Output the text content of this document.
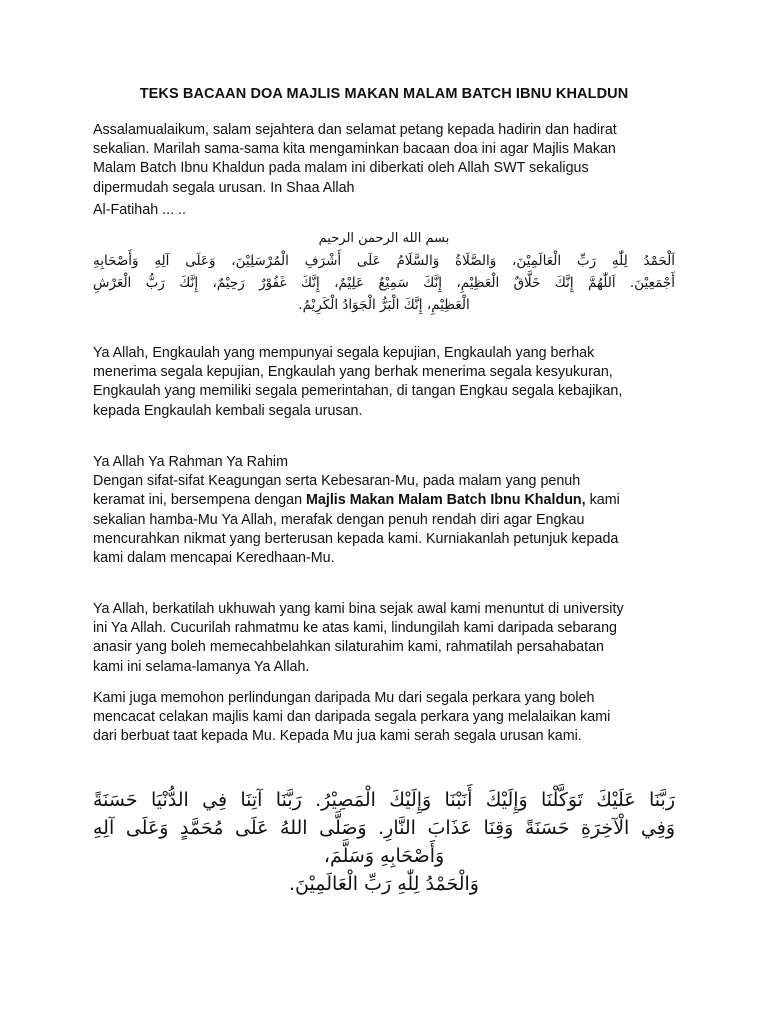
TEKS BACAAN DOA MAJLIS MAKAN MALAM BATCH IBNU KHALDUN
Assalamualaikum, salam sejahtera dan selamat petang kepada hadirin dan hadirat
sekalian. Marilah sama-sama kita mengaminkan bacaan doa ini agar Majlis Makan
Malam Batch Ibnu Khaldun pada malam ini diberkati oleh Allah SWT sekaligus
dipermudah segala urusan. In Shaa Allah
Al-Fatihah ... ..
بسم الله الرحمن الرحيم
اَلْحَمْدُ لِلّٰهِ رَبِّ الْعَالَمِيْنَ، وَالصَّلَاةُ وَالسَّلَامُ عَلَى أَشْرَفِ الْمُرْسَلِيْنَ، وَعَلَى آلِهِ وَأَصْحَابِهِ
أَجْمَعِيْنَ. اَللّٰهُمَّ إِنَّكَ خَلَّاقٌ الْعَظِيْمِ، إِنَّكَ سَمِيْعٌ عَلِيْمٌ، إِنَّكَ غَفُوْرٌ رَحِيْمٌ، إِنَّكَ رَبُّ الْعَرْشِ
الْعَظِيْمِ، إِنَّكَ الْبَرُّ الْجَوَادُ الْكَرِيْمُ.
Ya Allah, Engkaulah yang mempunyai segala kepujian, Engkaulah yang berhak
menerima segala kepujian, Engkaulah yang berhak menerima segala kesyukuran,
Engkaulah yang memiliki segala pemerintahan, di tangan Engkau segala kebajikan,
kepada Engkaulah kembali segala urusan.
Ya Allah Ya Rahman Ya Rahim
Dengan sifat-sifat Keagungan serta Kebesaran-Mu, pada malam yang penuh
keramat ini, bersempena dengan Majlis Makan Malam Batch Ibnu Khaldun, kami
sekalian hamba-Mu Ya Allah, merafak dengan penuh rendah diri agar Engkau
mencurahkan nikmat yang berterusan kepada kami. Kurniakanlah petunjuk kepada
kami dalam mencapai Keredhaan-Mu.
Ya Allah, berkatilah ukhuwah yang kami bina sejak awal kami menuntut di university
ini Ya Allah. Cucurilah rahmatmu ke atas kami, lindungilah kami daripada sebarang
anasir yang boleh memecahbelahkan silaturahim kami, rahmatilah persahabatan
kami ini selama-lamanya Ya Allah.
Kami juga memohon perlindungan daripada Mu dari segala perkara yang boleh
mencacat celakan majlis kami dan daripada segala perkara yang melalaikan kami
dari berbuat taat kepada Mu. Kepada Mu jua kami serah segala urusan kami.
رَبَّنَا عَلَيْكَ تَوَكَّلْنَا وَإِلَيْكَ أَنَبْنَا وَإِلَيْكَ الْمَصِيْرُ. رَبَّنَا آتِنَا فِي الدُّنْيَا حَسَنَةً
وَفِي الْآخِرَةِ حَسَنَةً وَقِنَا عَذَابَ النَّارِ. وَصَلَّى اللهُ عَلَى مُحَمَّدٍ وَعَلَى آلِهِ
وَأَصْحَابِهِ وَسَلَّمَ،
وَالْحَمْدُ لِلّٰهِ رَبِّ الْعَالَمِيْنَ.
